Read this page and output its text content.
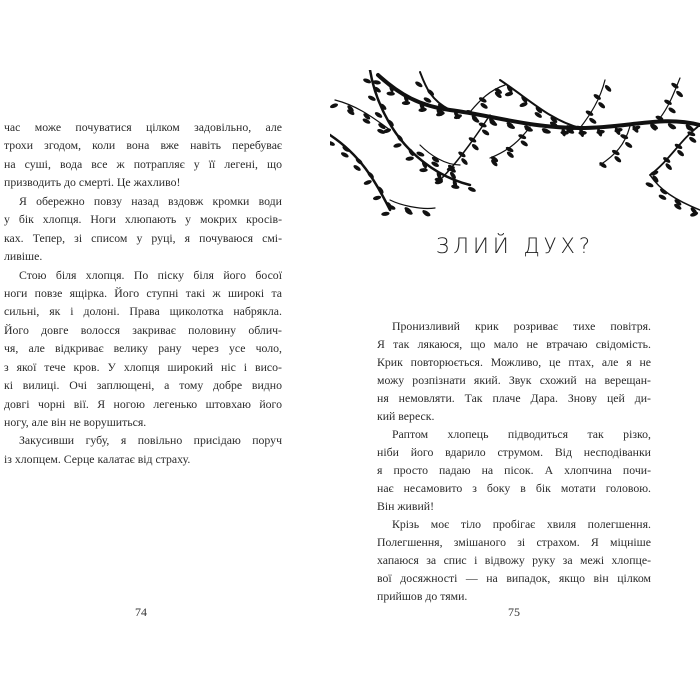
час може почуватися цілком задовільно, але
трохи згодом, коли вона вже навіть перебуває
на суші, вода все ж потрапляє у її легені, що
призводить до смерті. Це жахливо!
Я обережно повзу назад вздовж кромки води
у бік хлопця. Ноги хлюпають у мокрих кросів-
ках. Тепер, зі списом у руці, я почуваюся смі-
ливіше.
Стою біля хлопця. По піску біля його босої
ноги повзе ящірка. Його ступні такі ж широкі та
сильні, як і долоні. Права щиколотка набрякла.
Його довге волосся закриває половину облич-
чя, але відкриває велику рану через усе чоло,
з якої тече кров. У хлопця широкий ніс і висо-
кі вилиці. Очі заплющені, а тому добре видно
довгі чорні вії. Я ногою легенько штовхаю його
ногу, але він не ворушиться.
Закусивши губу, я повільно присідаю поруч
із хлопцем. Серце калатає від страху.
74	75
ЗЛИЙ ДУХ?
Пронизливий крик розриває тихе повітря.
Я так лякаюся, що мало не втрачаю свідомість.
Крик повторюється. Можливо, це птах, але я не
можу розпізнати який. Звук схожий на верещан-
ня немовляти. Так плаче Дара. Знову цей ди-
кий вереск.
Раптом хлопець підводиться так різко,
ніби його вдарило струмом. Від несподіванки
я просто падаю на пісок. А хлопчина почи-
нає несамовито з боку в бік мотати головою.
Він живий!
Крізь моє тіло пробігає хвиля полегшення.
Полегшення, змішаного зі страхом. Я міцніше
хапаюся за спис і відвожу руку за межі хлопце-
вої досяжності — на випадок, якщо він цілком
прийшов до тями.
